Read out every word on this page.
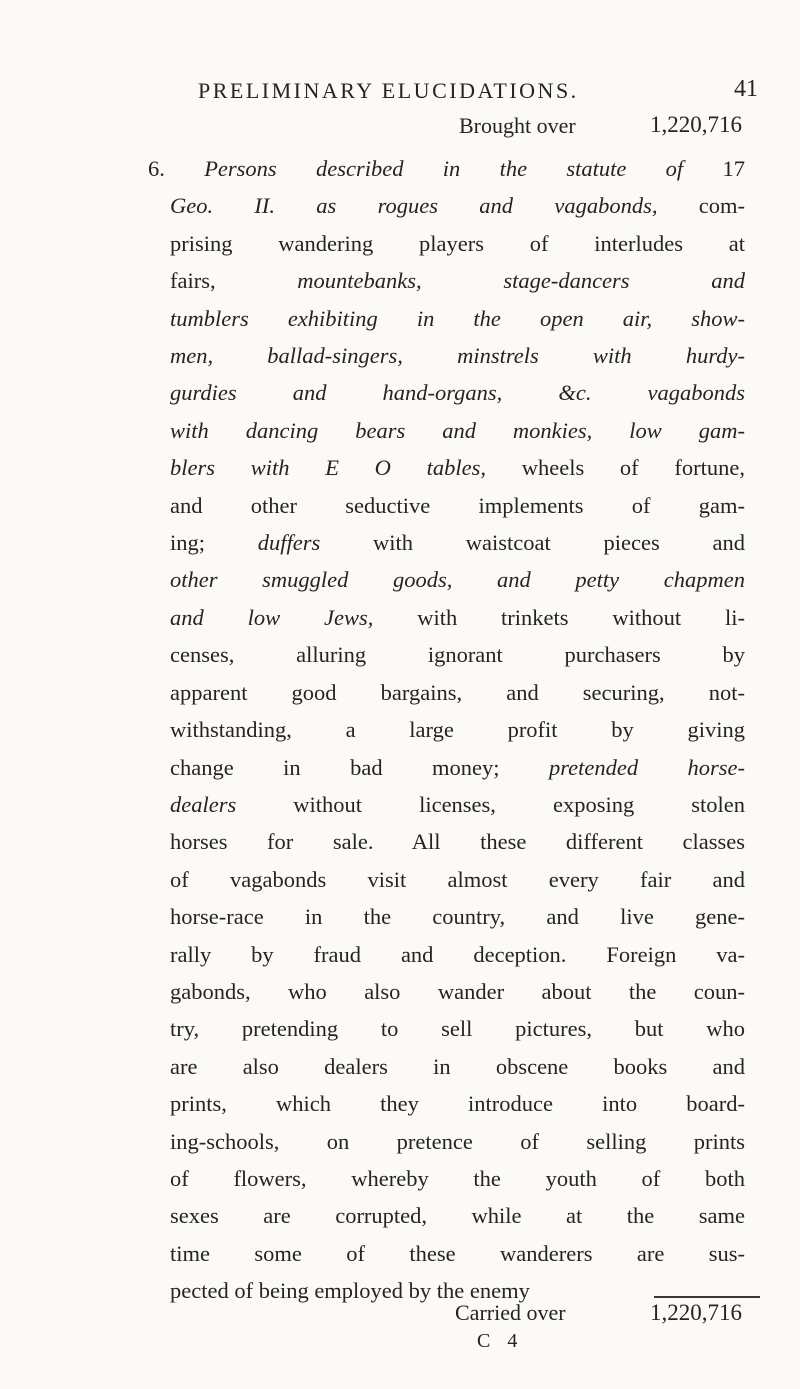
PRELIMINARY ELUCIDATIONS.	41
Brought over	1,220,716
6. Persons described in the statute of 17
Geo. II. as rogues and vagabonds, com-
prising wandering players of interludes at
fairs, mountebanks, stage-dancers and
tumblers exhibiting in the open air, show-
men, ballad-singers, minstrels with hurdy-
gurdies and hand-organs, &c. vagabonds
with dancing bears and monkies, low gam-
blers with E O tables, wheels of fortune,
and other seductive implements of gam-
ing; duffers with waistcoat pieces and
other smuggled goods, and petty chapmen
and low Jews, with trinkets without li-
censes, alluring ignorant purchasers by
apparent good bargains, and securing, not-
withstanding, a large profit by giving
change in bad money; pretended horse-
dealers without licenses, exposing stolen
horses for sale. All these different classes
of vagabonds visit almost every fair and
horse-race in the country, and live gene-
rally by fraud and deception. Foreign va-
gabonds, who also wander about the coun-
try, pretending to sell pictures, but who
are also dealers in obscene books and
prints, which they introduce into board-
ing-schools, on pretence of selling prints
of flowers, whereby the youth of both
sexes are corrupted, while at the same
time some of these wanderers are sus-
pected of being employed by the enemy
Carried over	1,220,716
C 4
